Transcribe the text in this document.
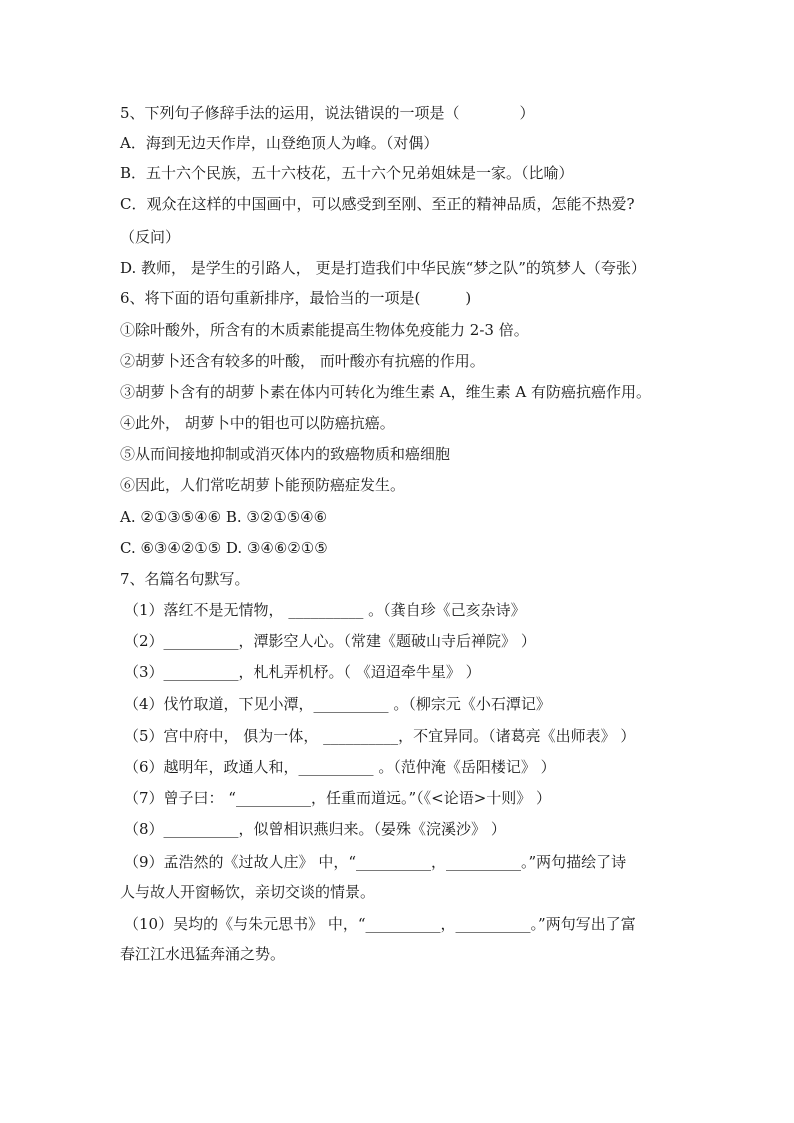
5、下列句子修辞手法的运用，说法错误的一项是（　　　　）
A．海到无边天作岸，山登绝顶人为峰。（对偶）
B．五十六个民族，五十六枝花，五十六个兄弟姐妹是一家。（比喻）
C．观众在这样的中国画中，可以感受到至刚、至正的精神品质，怎能不热爱?
（反问）
D. 教师， 是学生的引路人， 更是打造我们中华民族“梦之队”的筑梦人（夸张）
6、将下面的语句重新排序，最恰当的一项是(　　　)
①除叶酸外，所含有的木质素能提高生物体免疫能力 2-3 倍。
②胡萝卜还含有较多的叶酸， 而叶酸亦有抗癌的作用。
③胡萝卜含有的胡萝卜素在体内可转化为维生素 A，维生素 A 有防癌抗癌作用。
④此外， 胡萝卜中的钼也可以防癌抗癌。
⑤从而间接地抑制或消灭体内的致癌物质和癌细胞
⑥因此，人们常吃胡萝卜能预防癌症发生。
A. ②①③⑤④⑥ B. ③②①⑤④⑥
C. ⑥③④②①⑤ D. ③④⑥②①⑤
7、名篇名句默写。
（1）落红不是无情物， __________ 。（龚自珍《己亥杂诗》
（2）__________，潭影空人心。（常建《题破山寺后禅院》 ）
（3）__________，札札弄机杼。（ 《迢迢牵牛星》 ）
（4）伐竹取道，下见小潭，__________ 。（柳宗元《小石潭记》
（5）宫中府中， 俱为一体， __________，不宜异同。（诸葛亮《出师表》 ）
（6）越明年，政通人和，__________ 。（范仲淹《岳阳楼记》 ）
（7）曾子曰： “__________，任重而道远。”（《<论语>十则》 ）
（8）__________，似曾相识燕归来。（晏殊《浣溪沙》 ）
（9）孟浩然的《过故人庄》 中，“__________，__________。”两句描绘了诗
人与故人开窗畅饮，亲切交谈的情景。
（10）吴均的《与朱元思书》 中，“__________，__________。”两句写出了富
春江江水迅猛奔涌之势。
